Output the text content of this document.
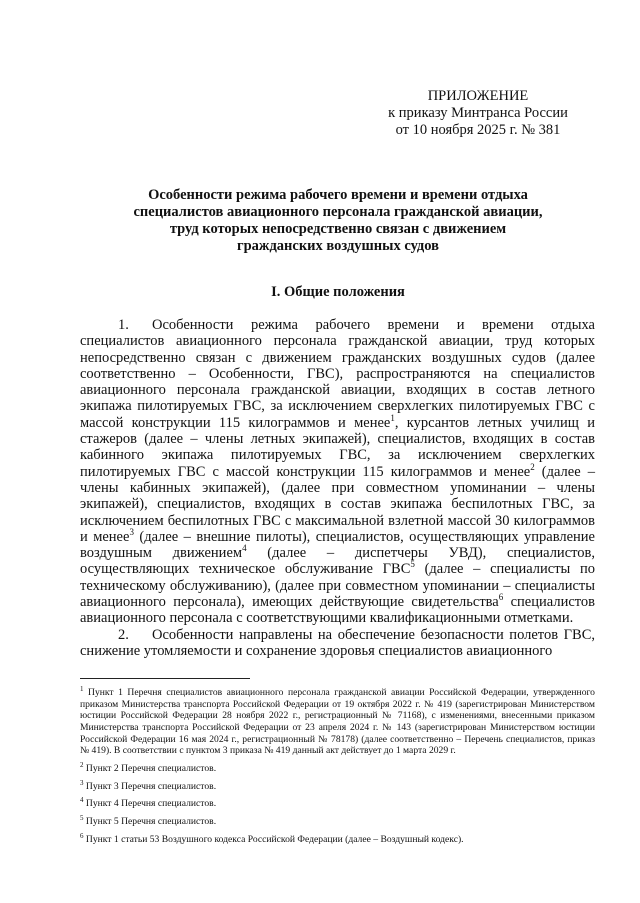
ПРИЛОЖЕНИЕ
к приказу Минтранса России
от 10 ноября 2025 г. № 381
Особенности режима рабочего времени и времени отдыха
специалистов авиационного персонала гражданской авиации,
труд которых непосредственно связан с движением
гражданских воздушных судов
I. Общие положения

1. Особенности режима рабочего времени и времени отдыха специалистов авиационного персонала гражданской авиации, труд которых непосредственно связан с движением гражданских воздушных судов (далее соответственно – Особенности, ГВС), распространяются на специалистов авиационного персонала гражданской авиации, входящих в состав летного экипажа пилотируемых ГВС, за исключением сверхлегких пилотируемых ГВС с массой конструкции 115 килограммов и менее$^1$, курсантов летных училищ и стажеров (далее – члены летных экипажей), специалистов, входящих в состав кабинного экипажа пилотируемых ГВС, за исключением сверхлегких пилотируемых ГВС с массой конструкции 115 килограммов и менее$^2$ (далее – члены кабинных экипажей), (далее при совместном упоминании – члены экипажей), специалистов, входящих в состав экипажа беспилотных ГВС, за исключением беспилотных ГВС с максимальной взлетной массой 30 килограммов и менее$^3$ (далее – внешние пилоты), специалистов, осуществляющих управление воздушным движением$^4$ (далее – диспетчеры УВД), специалистов, осуществляющих техническое обслуживание ГВС$^5$ (далее – специалисты по техническому обслуживанию), (далее при совместном упоминании – специалисты авиационного персонала), имеющих действующие свидетельства$^6$ специалистов авиационного персонала с соответствующими квалификационными отметками.

2. Особенности направлены на обеспечение безопасности полетов ГВС, снижение утомляемости и сохранение здоровья специалистов авиационного

$^1$ Пункт 1 Перечня специалистов авиационного персонала гражданской авиации Российской Федерации, утвержденного приказом Министерства транспорта Российской Федерации от 19 октября 2022 г. № 419 (зарегистрирован Министерством юстиции Российской Федерации 28 ноября 2022 г., регистрационный № 71168), с изменениями, внесенными приказом Министерства транспорта Российской Федерации от 23 апреля 2024 г. № 143 (зарегистрирован Министерством юстиции Российской Федерации 16 мая 2024 г., регистрационный № 78178) (далее соответственно – Перечень специалистов, приказ № 419). В соответствии с пунктом 3 приказа № 419 данный акт действует до 1 марта 2029 г.

$^2$ Пункт 2 Перечня специалистов.

$^3$ Пункт 3 Перечня специалистов.

$^4$ Пункт 4 Перечня специалистов.

$^5$ Пункт 5 Перечня специалистов.

$^6$ Пункт 1 статьи 53 Воздушного кодекса Российской Федерации (далее – Воздушный кодекс).
